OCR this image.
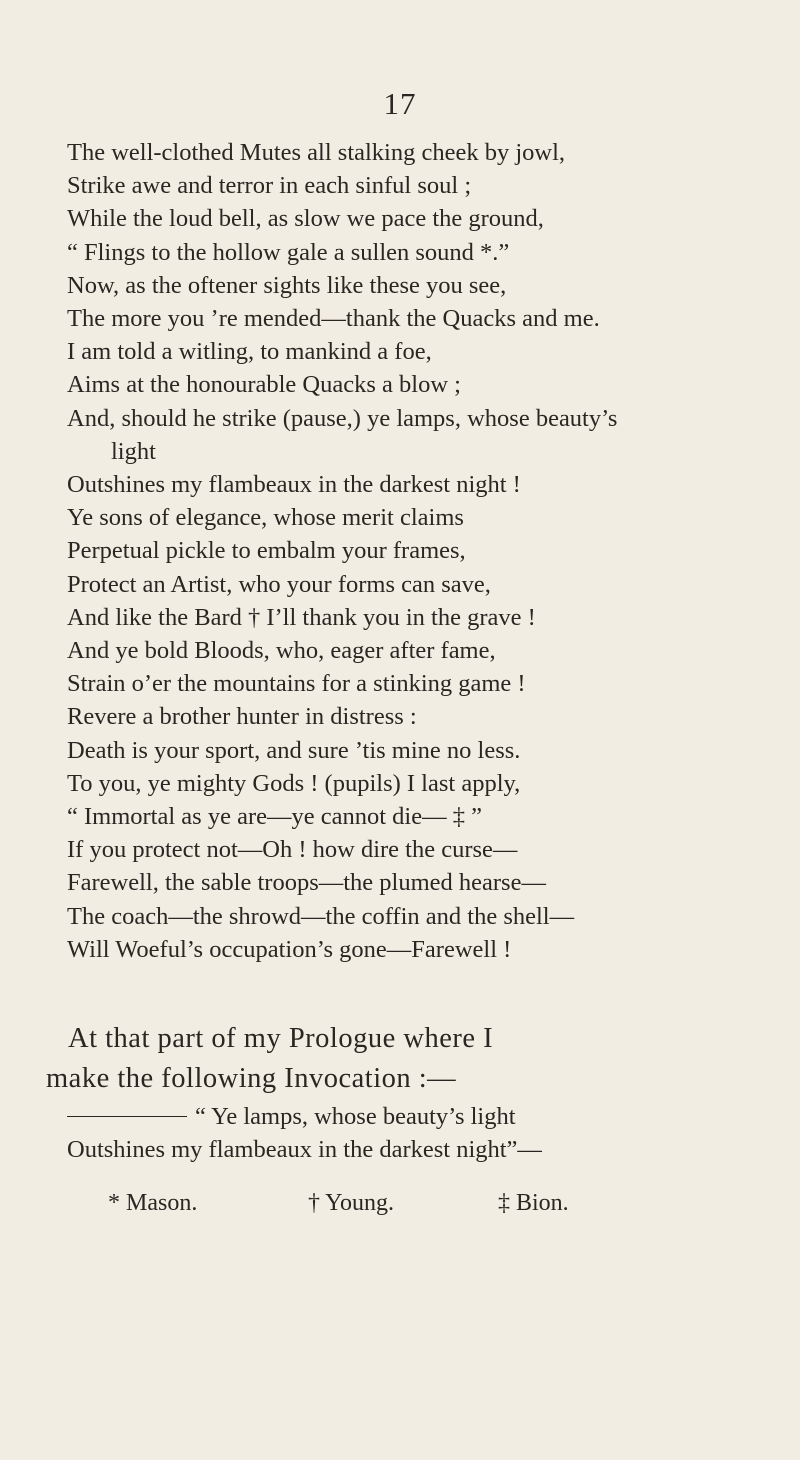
17
The well-clothed Mutes all stalking cheek by jowl,
Strike awe and terror in each sinful soul ;
While the loud bell, as slow we pace the ground,
“ Flings to the hollow gale a sullen sound *.”
Now, as the oftener sights like these you see,
The more you ’re mended—thank the Quacks and me.
I am told a witling, to mankind a foe,
Aims at the honourable Quacks a blow ;
And, should he strike (pause,) ye lamps, whose beauty’s
light
Outshines my flambeaux in the darkest night !
Ye sons of elegance, whose merit claims
Perpetual pickle to embalm your frames,
Protect an Artist, who your forms can save,
And like the Bard † I’ll thank you in the grave !
And ye bold Bloods, who, eager after fame,
Strain o’er the mountains for a stinking game !
Revere a brother hunter in distress :
Death is your sport, and sure ’tis mine no less.
To you, ye mighty Gods ! (pupils) I last apply,
“ Immortal as ye are—ye cannot die— ‡ ”
If you protect not—Oh ! how dire the curse—
Farewell, the sable troops—the plumed hearse—
The coach—the shrowd—the coffin and the shell—
Will Woeful’s occupation’s gone—Farewell !
At that part of my Prologue where I
make the following Invocation :—
“ Ye lamps, whose beauty’s light
Outshines my flambeaux in the darkest night”—
* Mason.	† Young.	‡ Bion.
